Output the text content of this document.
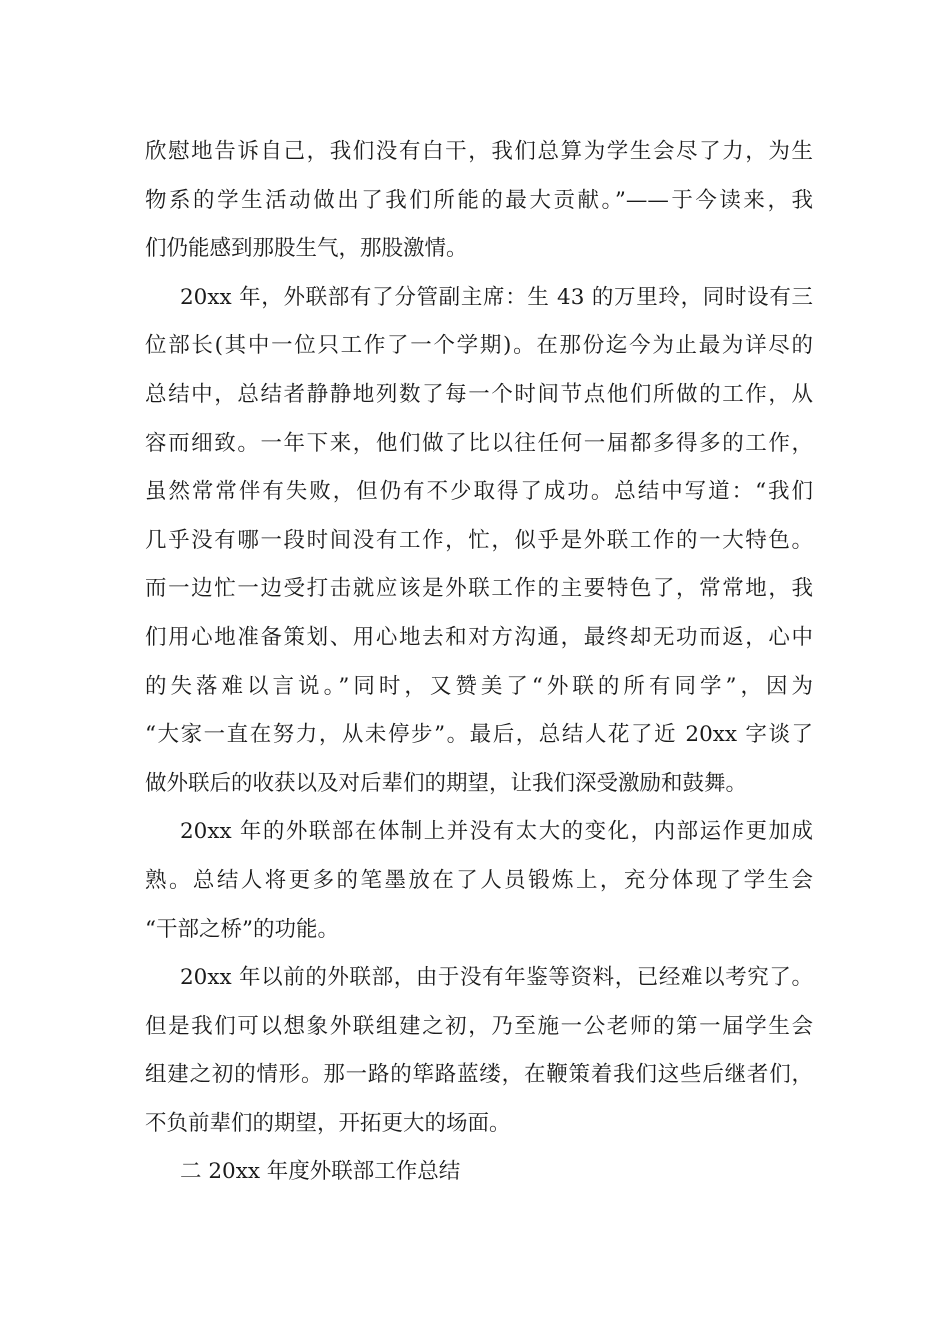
欣慰地告诉自己，我们没有白干，我们总算为学生会尽了力，为生
物系的学生活动做出了我们所能的最大贡献。”——于今读来，我
们仍能感到那股生气，那股激情。
20xx 年，外联部有了分管副主席：生 43 的万里玲，同时设有三
位部长(其中一位只工作了一个学期)。在那份迄今为止最为详尽的
总结中，总结者静静地列数了每一个时间节点他们所做的工作，从
容而细致。一年下来，他们做了比以往任何一届都多得多的工作，
虽然常常伴有失败，但仍有不少取得了成功。总结中写道：“我们
几乎没有哪一段时间没有工作，忙，似乎是外联工作的一大特色。
而一边忙一边受打击就应该是外联工作的主要特色了，常常地，我
们用心地准备策划、用心地去和对方沟通，最终却无功而返，心中
的失落难以言说。”同时，又赞美了“外联的所有同学”，因为
“大家一直在努力，从未停步”。最后，总结人花了近 20xx 字谈了
做外联后的收获以及对后辈们的期望，让我们深受激励和鼓舞。
20xx 年的外联部在体制上并没有太大的变化，内部运作更加成
熟。总结人将更多的笔墨放在了人员锻炼上，充分体现了学生会
“干部之桥”的功能。
20xx 年以前的外联部，由于没有年鉴等资料，已经难以考究了。
但是我们可以想象外联组建之初，乃至施一公老师的第一届学生会
组建之初的情形。那一路的筚路蓝缕，在鞭策着我们这些后继者们，
不负前辈们的期望，开拓更大的场面。
二 20xx 年度外联部工作总结
